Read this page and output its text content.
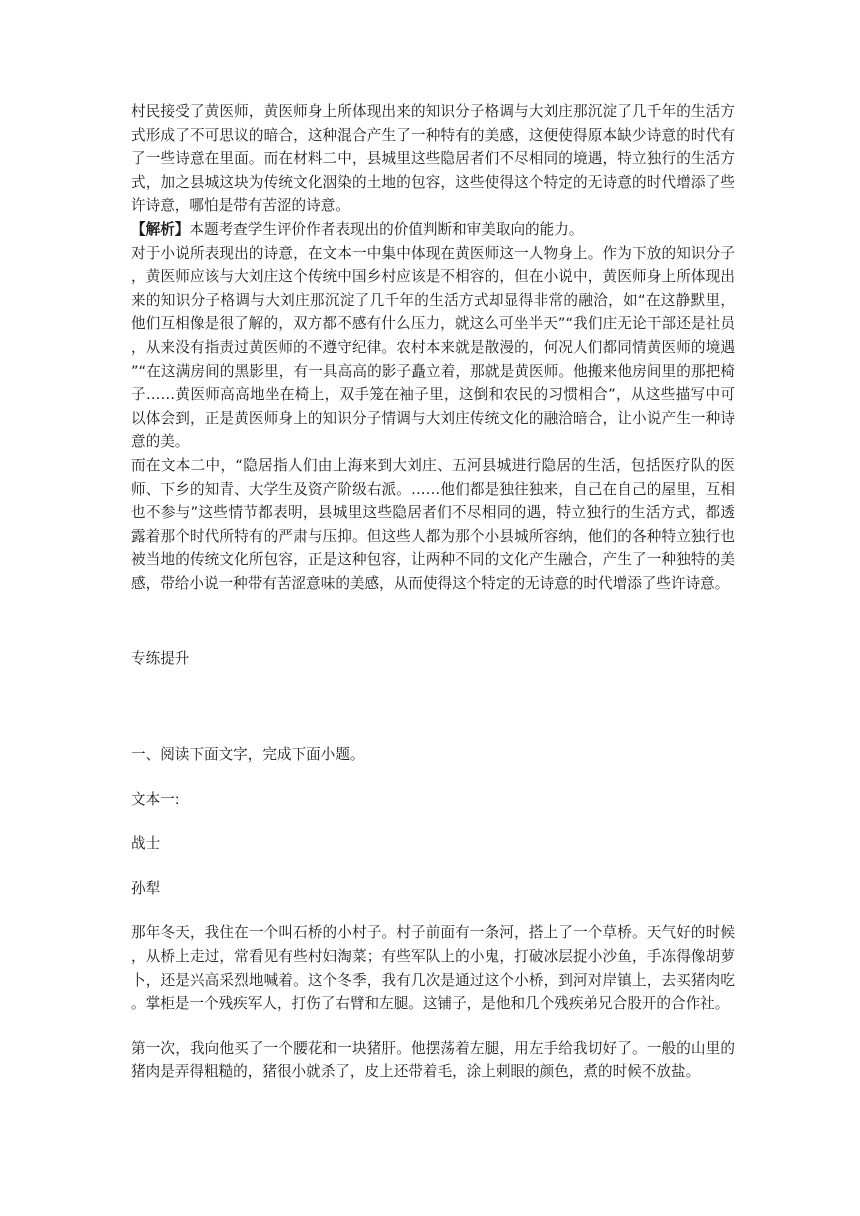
村民接受了黄医师，黄医师身上所体现出来的知识分子格调与大刘庄那沉淀了几千年的生活方式形成了不可思议的暗合，这种混合产生了一种特有的美感，这便使得原本缺少诗意的时代有了一些诗意在里面。而在材料二中，县城里这些隐居者们不尽相同的境遇，特立独行的生活方式，加之县城这块为传统文化洇染的土地的包容，这些使得这个特定的无诗意的时代增添了些许诗意，哪怕是带有苦涩的诗意。

【解析】本题考查学生评价作者表现出的价值判断和审美取向的能力。

对于小说所表现出的诗意，在文本一中集中体现在黄医师这一人物身上。作为下放的知识分子，黄医师应该与大刘庄这个传统中国乡村应该是不相容的，但在小说中，黄医师身上所体现出来的知识分子格调与大刘庄那沉淀了几千年的生活方式却显得非常的融洽，如“在这静默里，他们互相像是很了解的，双方都不感有什么压力，就这么可坐半天”“我们庄无论干部还是社员，从来没有指责过黄医师的不遵守纪律。农村本来就是散漫的，何况人们都同情黄医师的境遇”“在这满房间的黑影里，有一具高高的影子矗立着，那就是黄医师。他搬来他房间里的那把椅子……黄医师高高地坐在椅上，双手笼在袖子里，这倒和农民的习惯相合”，从这些描写中可以体会到，正是黄医师身上的知识分子情调与大刘庄传统文化的融洽暗合，让小说产生一种诗意的美。

而在文本二中，“隐居指人们由上海来到大刘庄、五河县城进行隐居的生活，包括医疗队的医师、下乡的知青、大学生及资产阶级右派。……他们都是独往独来，自己在自己的屋里，互相也不参与”这些情节都表明，县城里这些隐居者们不尽相同的遇，特立独行的生活方式，都透露着那个时代所特有的严肃与压抑。但这些人都为那个小县城所容纳，他们的各种特立独行也被当地的传统文化所包容，正是这种包容，让两种不同的文化产生融合，产生了一种独特的美感，带给小说一种带有苦涩意味的美感，从而使得这个特定的无诗意的时代增添了些许诗意。

专练提升

一、阅读下面文字，完成下面小题。

文本一:

战士

孙犁

那年冬天，我住在一个叫石桥的小村子。村子前面有一条河，搭上了一个草桥。天气好的时候，从桥上走过，常看见有些村妇淘菜；有些军队上的小鬼，打破冰层捉小沙鱼，手冻得像胡萝卜，还是兴高采烈地喊着。这个冬季，我有几次是通过这个小桥，到河对岸镇上，去买猪肉吃。掌柜是一个残疾军人，打伤了右臂和左腿。这铺子，是他和几个残疾弟兄合股开的合作社。

第一次，我向他买了一个腰花和一块猪肝。他摆荡着左腿，用左手给我切好了。一般的山里的猪肉是弄得粗糙的，猪很小就杀了，皮上还带着毛，涂上刺眼的颜色，煮的时候不放盐。
